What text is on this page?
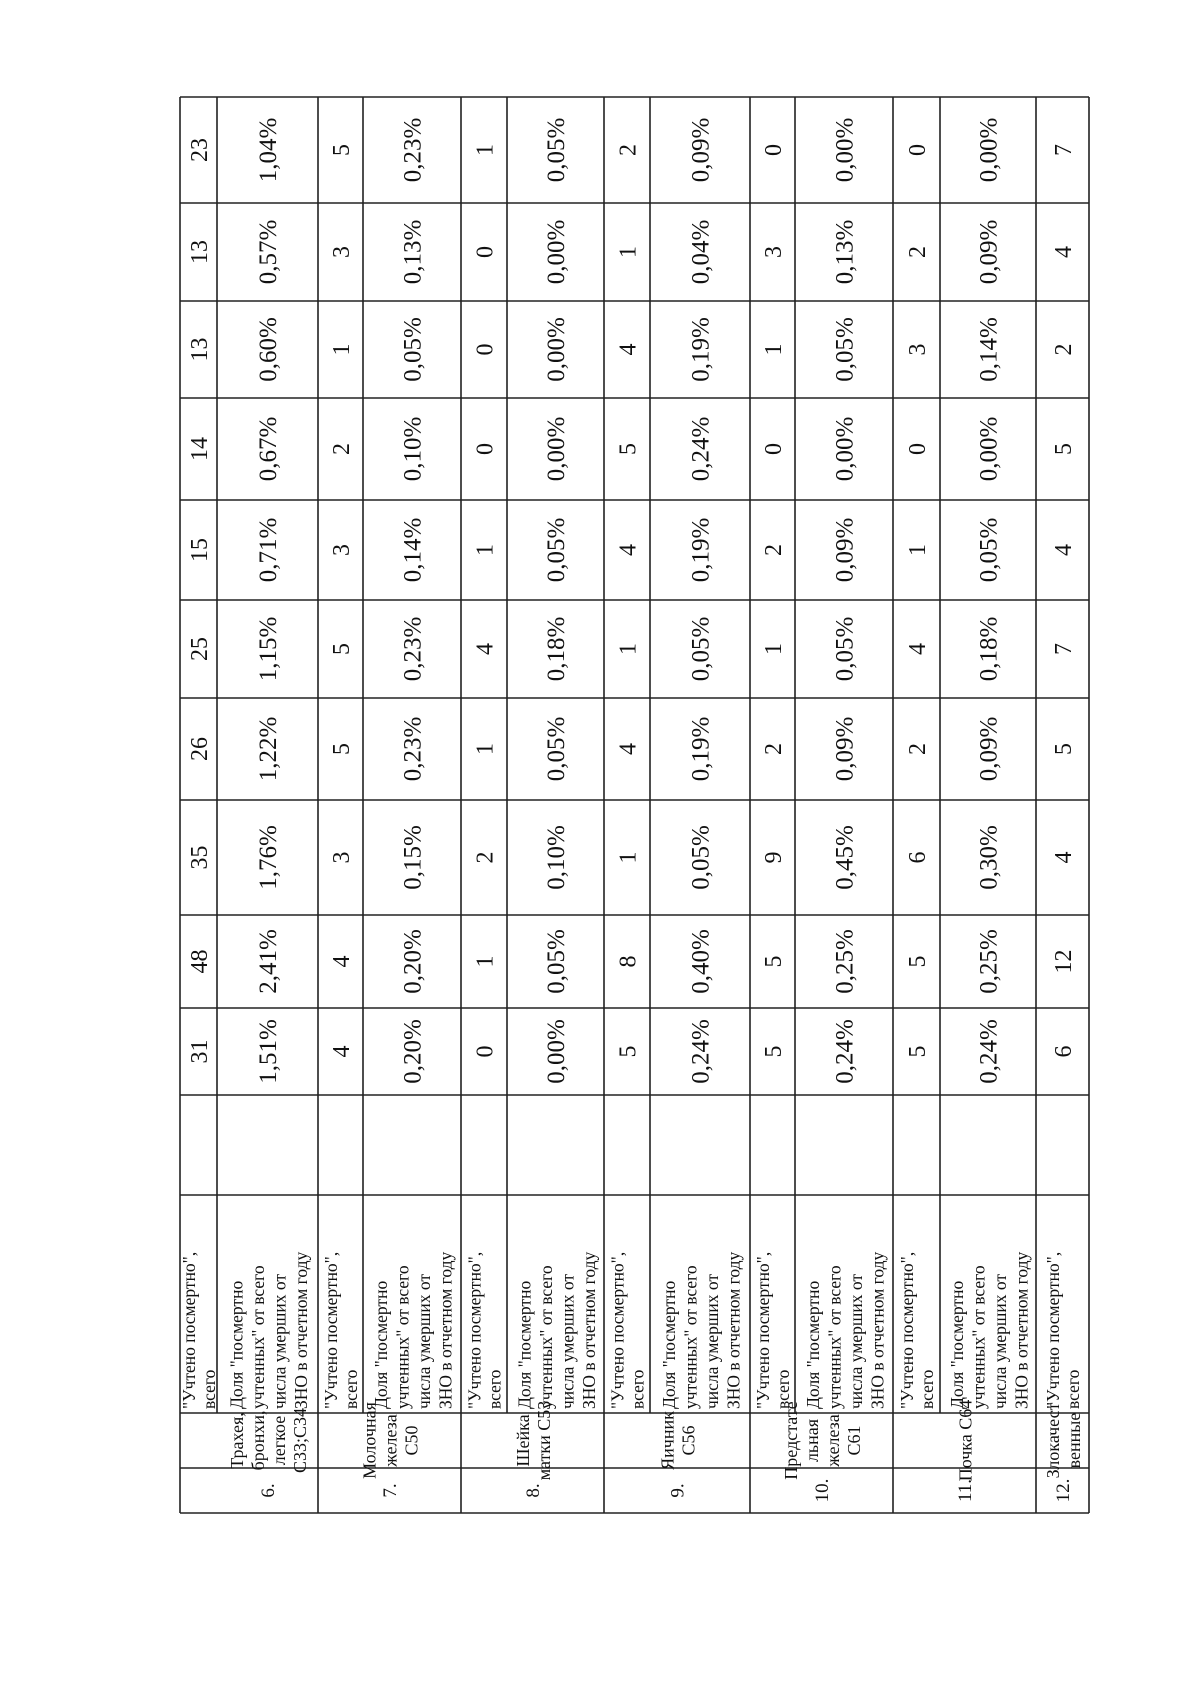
23
13
13
14
15
25
26
35
48
31
6.
Трахея,бронхи,легкоеС33;С34
"Учтено посмертно",всего Доля "посмертноучтенных" от всегочисла умерших отЗНО в отчетном году
1,04%
0,57%
0,60%
0,67%
0,71%
1,15%
1,22%
1,76%
2,41%
1,51%
7.
МолочнаяжелезаС50
"Учтено посмертно",всего
5
3
1
2
3
5
5
3
4
4
Доля "посмертноучтенных" от всегочисла умерших отЗНО в отчетном году
0,23%
0,13%
0,05%
0,10%
0,14%
0,23%
0,23%
0,15%
0,20%
0,20%
8.
Шейкаматки С53
"Учтено посмертно",всего
1
0
0
0
1
4
1
2
1
0
Доля "посмертноучтенных" от всегочисла умерших отЗНО в отчетном году
0,05%
0,00%
0,00%
0,00%
0,05%
0,18%
0,05%
0,10%
0,05%
0,00%
9.
ЯичникС56
"Учтено посмертно",всего
2
1
4
5
4
1
4
1
8
5
Доля "посмертноучтенных" от всегочисла умерших отЗНО в отчетном году
0,09%
0,04%
0,19%
0,24%
0,19%
0,05%
0,19%
0,05%
0,40%
0,24%
10.
ПредстательнаяжелезаС61
"Учтено посмертно",всего
0
3
1
0
2
1
2
9
5
5
Доля "посмертноучтенных" от всегочисла умерших отЗНО в отчетном году
0,00%
0,13%
0,05%
0,00%
0,09%
0,05%
0,09%
0,45%
0,25%
0,24%
11.
Почка С64
"Учтено посмертно",всего
0
2
3
0
1
4
2
6
5
5
Доля "посмертноучтенных" от всегочисла умерших отЗНО в отчетном году
0,00%
0,09%
0,14%
0,00%
0,05%
0,18%
0,09%
0,30%
0,25%
0,24%
12.
Злокачественные
"Учтено посмертно",всего
7
4
2
5
4
7
5
4
12
6
